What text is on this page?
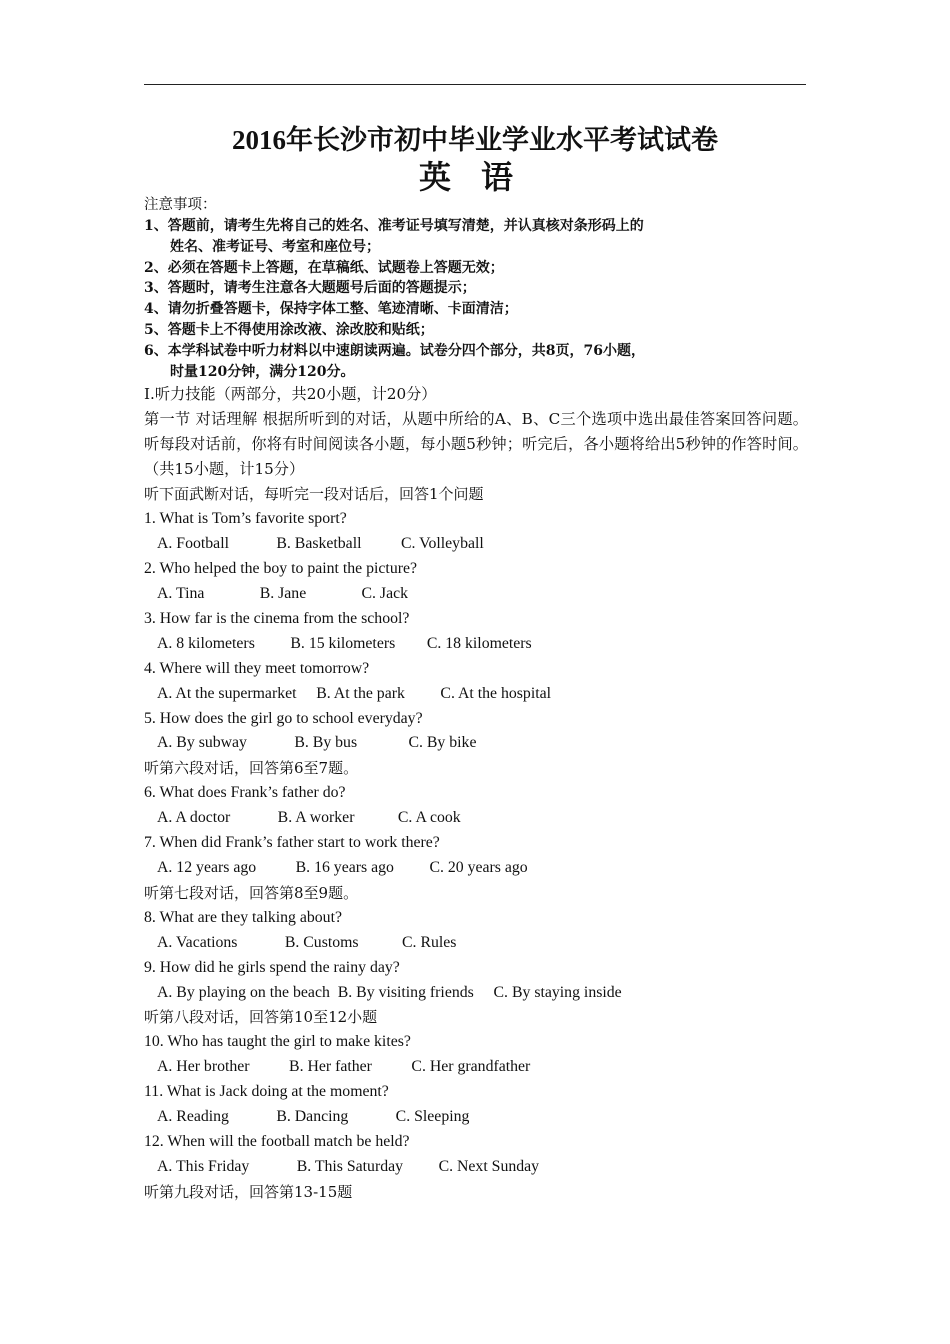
2016年长沙市初中毕业学业水平考试试卷
英语
注意事项：
1、答题前，请考生先将自己的姓名、准考证号填写清楚，并认真核对条形码上的
姓名、准考证号、考室和座位号；
2、必须在答题卡上答题，在草稿纸、试题卷上答题无效；
3、答题时，请考生注意各大题题号后面的答题提示；
4、请勿折叠答题卡，保持字体工整、笔迹清晰、卡面清洁；
5、答题卡上不得使用涂改液、涂改胶和贴纸；
6、本学科试卷中听力材料以中速朗读两遍。试卷分四个部分，共8页，76小题，
时量120分钟，满分120分。
Ⅰ.听力技能（两部分，共20小题，计20分）
第一节 对话理解 根据所听到的对话，从题中所给的A、B、C三个选项中选出最佳答案回答问题。听每段对话前，你将有时间阅读各小题，每小题5秒钟；听完后，各小题将给出5秒钟的作答时间。（共15小题，计15分）
听下面武断对话，每听完一段对话后，回答1个问题
1. What is Tom’s favorite sport?
A. Football            B. Basketball          C. Volleyball
2. Who helped the boy to paint the picture?
A. Tina              B. Jane              C. Jack
3. How far is the cinema from the school?
A. 8 kilometers         B. 15 kilometers        C. 18 kilometers
4. Where will they meet tomorrow?
A. At the supermarket     B. At the park         C. At the hospital
5. How does the girl go to school everyday?
A. By subway            B. By bus             C. By bike
听第六段对话，回答第6至7题。
6. What does Frank’s father do?
A. A doctor            B. A worker           C. A cook
7. When did Frank’s father start to work there?
A. 12 years ago          B. 16 years ago         C. 20 years ago
听第七段对话，回答第8至9题。
8. What are they talking about?
A. Vacations            B. Customs           C. Rules
9. How did he girls spend the rainy day?
A. By playing on the beach  B. By visiting friends     C. By staying inside
听第八段对话，回答第10至12小题
10. Who has taught the girl to make kites?
A. Her brother          B. Her father          C. Her grandfather
11. What is Jack doing at the moment?
A. Reading            B. Dancing            C. Sleeping
12. When will the football match be held?
A. This Friday            B. This Saturday         C. Next Sunday
听第九段对话，回答第13-15题
